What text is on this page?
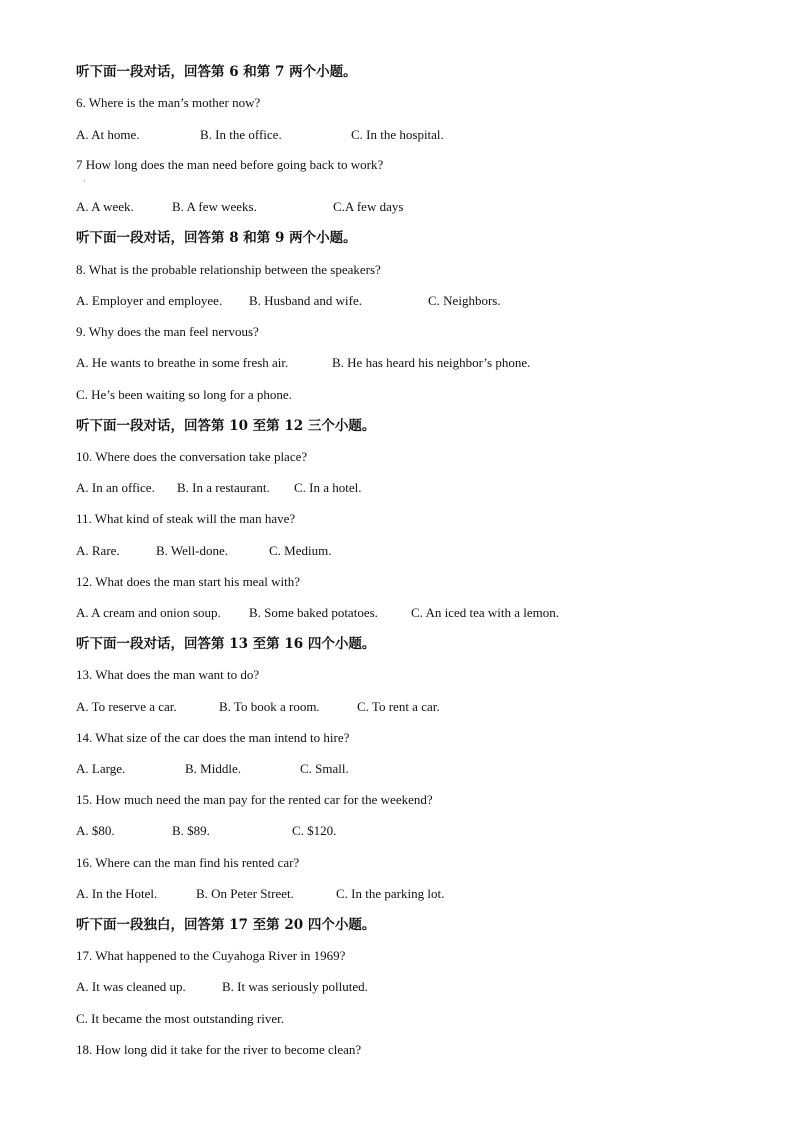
听下面一段对话，回答第 6 和第 7 两个小题。
6. Where is the man’s mother now?
A. At home.	B. In the office.	C. In the hospital.
7 How long does the man need before going back to work?
·
A. A week.	B. A few weeks.	C.A few days
听下面一段对话，回答第 8 和第 9 两个小题。
8. What is the probable relationship between the speakers?
A. Employer and employee. B. Husband and wife.	C. Neighbors.
9. Why does the man feel nervous?
A. He wants to breathe in some fresh air.	B. He has heard his neighbor’s phone.
C. He’s been waiting so long for a phone.
听下面一段对话，回答第 10 至第 12 三个小题。
10. Where does the conversation take place?
A. In an office. B. In a restaurant. C. In a hotel.
11. What kind of steak will the man have?
A. Rare.	B. Well-done.	C. Medium.
12. What does the man start his meal with?
A. A cream and onion soup. B. Some baked potatoes.	C. An iced tea with a lemon.
听下面一段对话，回答第 13 至第 16 四个小题。
13. What does the man want to do?
A. To reserve a car.	B. To book a room.	C. To rent a car.
14. What size of the car does the man intend to hire?
A. Large.	B. Middle.	C. Small.
15. How much need the man pay for the rented car for the weekend?
A. $80.	B. $89.	C. $120.
16. Where can the man find his rented car?
A. In the Hotel.	B. On Peter Street.	C. In the parking lot.
听下面一段独白，回答第 17 至第 20 四个小题。
17. What happened to the Cuyahoga River in 1969?
A. It was cleaned up.	B. It was seriously polluted.
C. It became the most outstanding river.
18. How long did it take for the river to become clean?
